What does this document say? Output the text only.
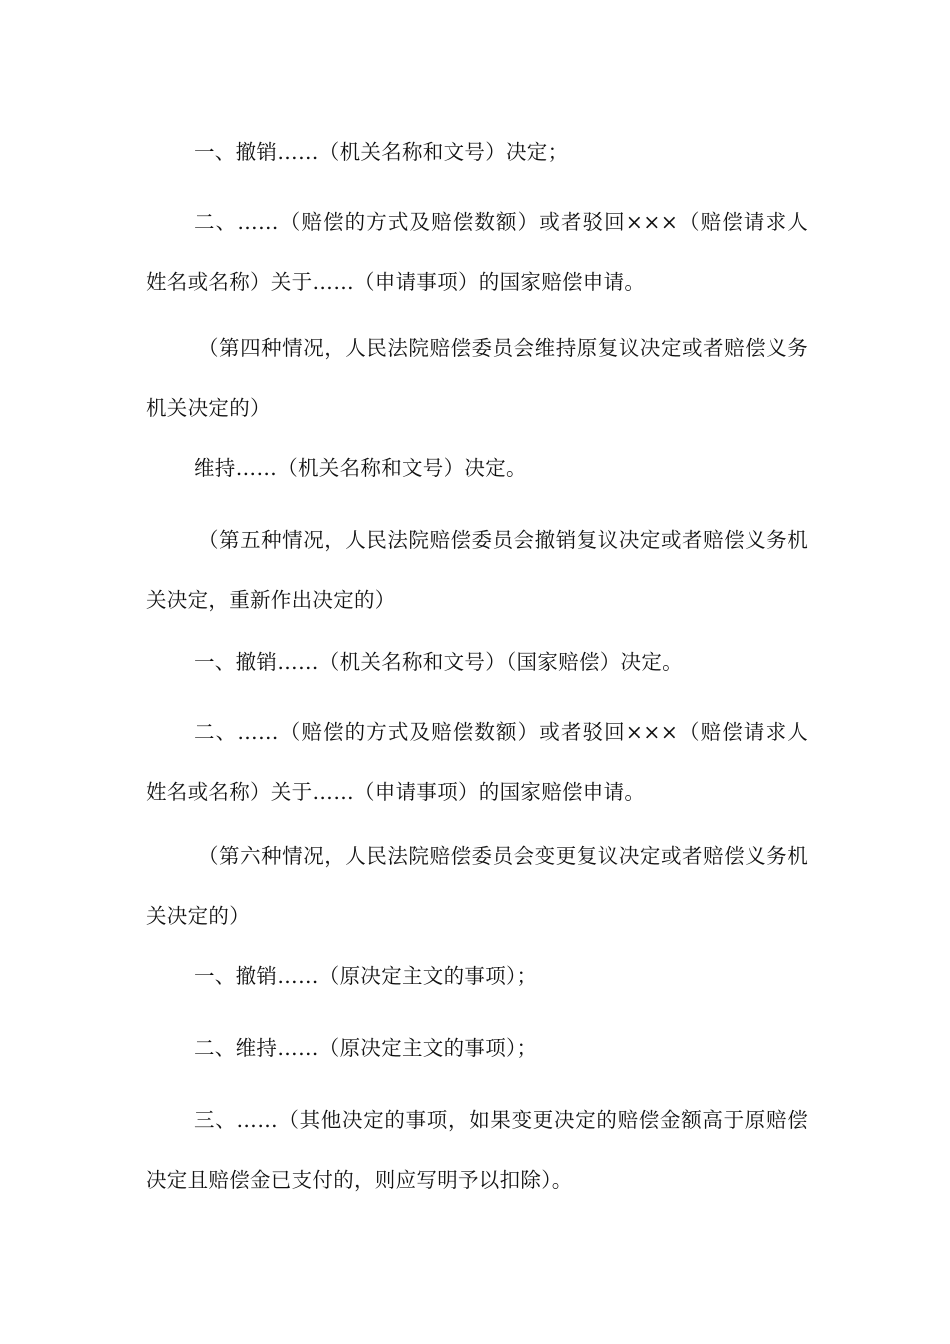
一、撤销……（机关名称和文号）决定；

二、……（赔偿的方式及赔偿数额）或者驳回×××（赔偿请求人姓名或名称）关于……（申请事项）的国家赔偿申请。

（第四种情况，人民法院赔偿委员会维持原复议决定或者赔偿义务机关决定的）

维持……（机关名称和文号）决定。

（第五种情况，人民法院赔偿委员会撤销复议决定或者赔偿义务机关决定，重新作出决定的）

一、撤销……（机关名称和文号）（国家赔偿）决定。

二、……（赔偿的方式及赔偿数额）或者驳回×××（赔偿请求人姓名或名称）关于……（申请事项）的国家赔偿申请。

（第六种情况，人民法院赔偿委员会变更复议决定或者赔偿义务机关决定的）

一、撤销……（原决定主文的事项）；

二、维持……（原决定主文的事项）；

三、……（其他决定的事项，如果变更决定的赔偿金额高于原赔偿决定且赔偿金已支付的，则应写明予以扣除）。
